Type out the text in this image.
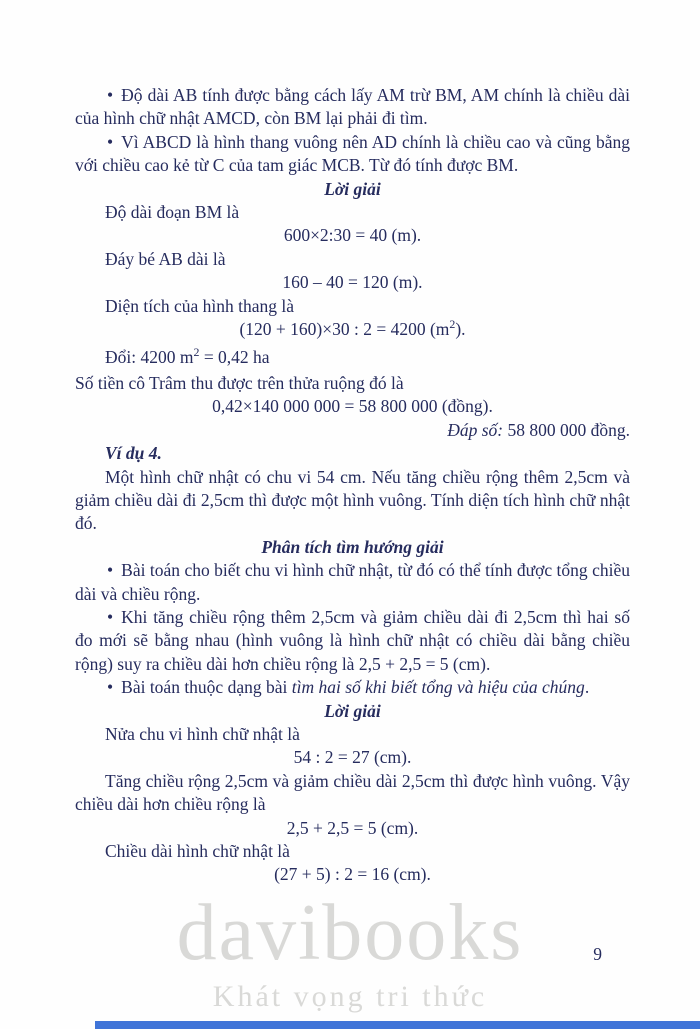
• Độ dài AB tính được bằng cách lấy AM trừ BM, AM chính là chiều dài của hình chữ nhật AMCD, còn BM lại phải đi tìm.

• Vì ABCD là hình thang vuông nên AD chính là chiều cao và cũng bằng với chiều cao kẻ từ C của tam giác MCB. Từ đó tính được BM.

Lời giải

Độ dài đoạn BM là

600×2:30 = 40 (m).

Đáy bé AB dài là

160 – 40 = 120 (m).

Diện tích của hình thang là

(120 + 160)×30 : 2 = 4200 $(m^2)$.

Đổi: 4200 $m^2 = 0,42$ ha

Số tiền cô Trâm thu được trên thửa ruộng đó là

0,42×140 000 000 = 58 800 000 (đồng).

Đáp số: 58 800 000 đồng.

Ví dụ 4.

Một hình chữ nhật có chu vi 54 cm. Nếu tăng chiều rộng thêm 2,5cm và giảm chiều dài đi 2,5cm thì được một hình vuông. Tính diện tích hình chữ nhật đó.

Phân tích tìm hướng giải

• Bài toán cho biết chu vi hình chữ nhật, từ đó có thể tính được tổng chiều dài và chiều rộng.

• Khi tăng chiều rộng thêm 2,5cm và giảm chiều dài đi 2,5cm thì hai số đo mới sẽ bằng nhau (hình vuông là hình chữ nhật có chiều dài bằng chiều rộng) suy ra chiều dài hơn chiều rộng là 2,5 + 2,5 = 5 (cm).

• Bài toán thuộc dạng bài tìm hai số khi biết tổng và hiệu của chúng.

Lời giải

Nửa chu vi hình chữ nhật là

54 : 2 = 27 (cm).

Tăng chiều rộng 2,5cm và giảm chiều dài 2,5cm thì được hình vuông. Vậy chiều dài hơn chiều rộng là

2,5 + 2,5 = 5 (cm).

Chiều dài hình chữ nhật là

(27 + 5) : 2 = 16 (cm).

davibooks
Khát vọng tri thức
9
